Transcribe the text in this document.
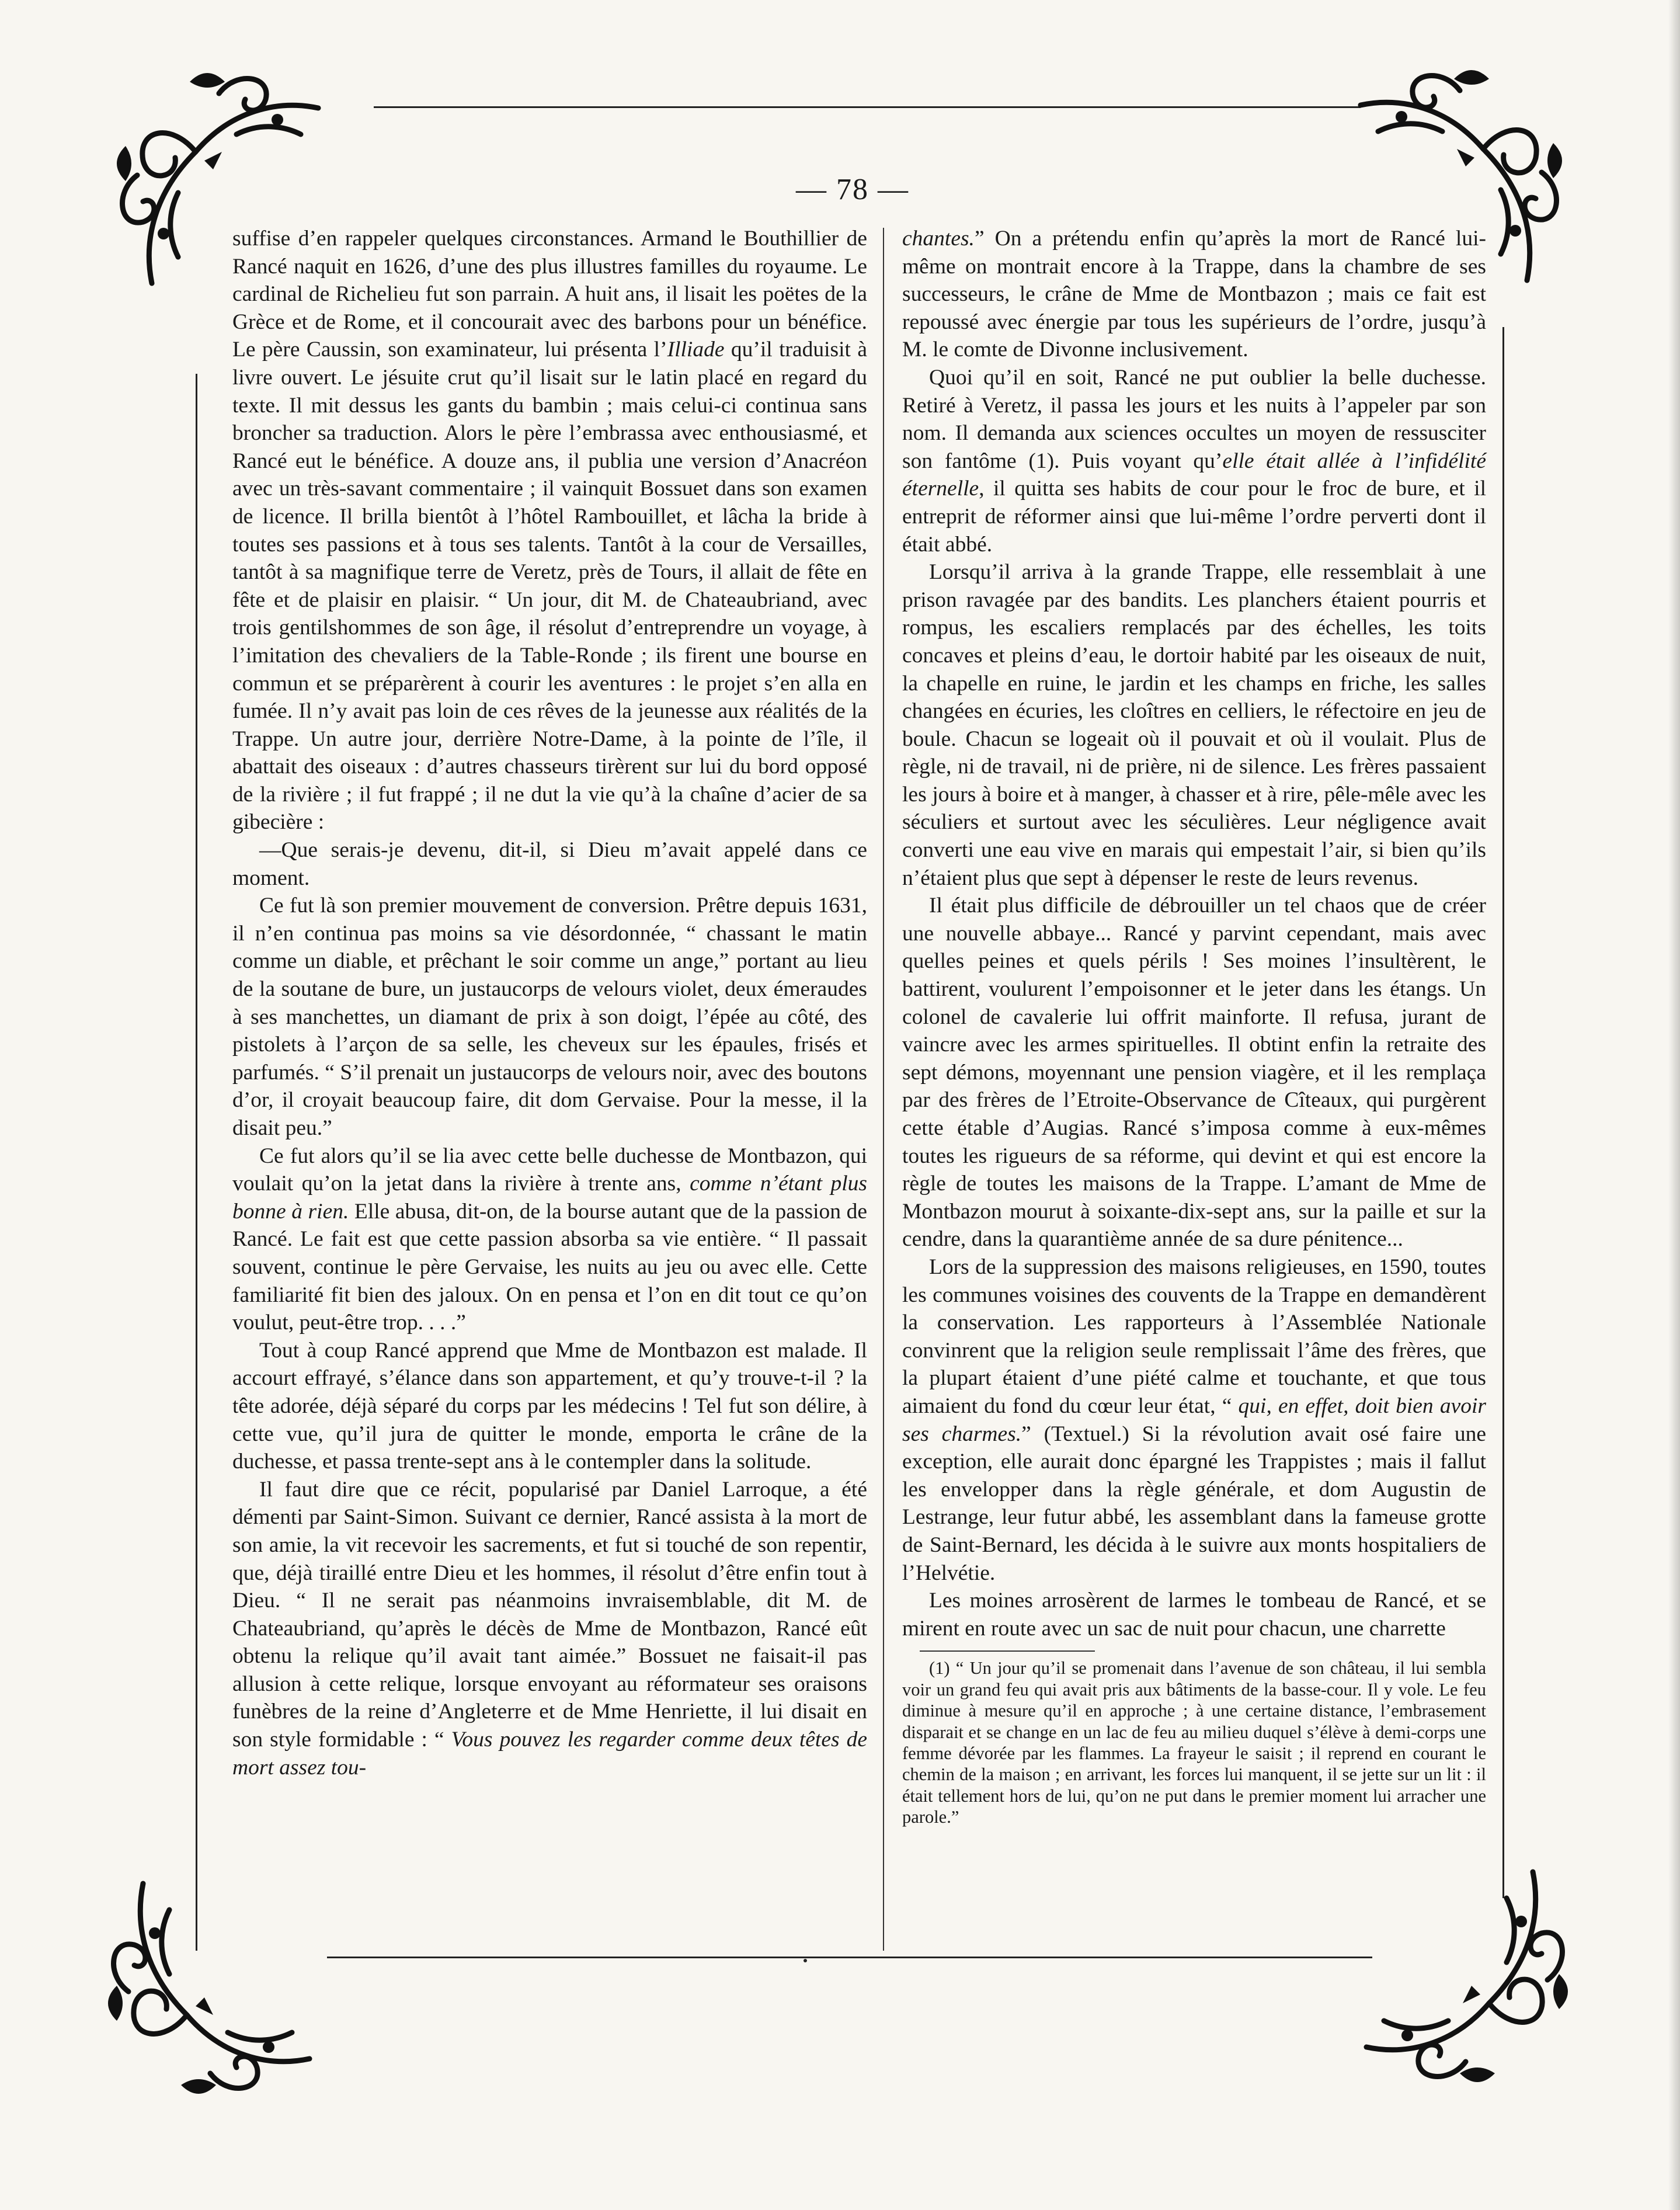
— 78 —

suffise d’en rappeler quelques circonstances. Armand le Bouthillier de Rancé naquit en 1626, d’une des plus illustres familles du royaume. Le cardinal de Richelieu fut son parrain. A huit ans, il lisait les poëtes de la Grèce et de Rome, et il concourait avec des barbons pour un bénéfice. Le père Caussin, son examinateur, lui présenta l’Illiade qu’il traduisit à livre ouvert. Le jésuite crut qu’il lisait sur le latin placé en regard du texte. Il mit dessus les gants du bambin ; mais celui-ci continua sans broncher sa traduction. Alors le père l’embrassa avec enthousiasmé, et Rancé eut le bénéfice. A douze ans, il publia une version d’Anacréon avec un très-savant commentaire ; il vainquit Bossuet dans son examen de licence. Il brilla bientôt à l’hôtel Rambouillet, et lâcha la bride à toutes ses passions et à tous ses talents. Tantôt à la cour de Versailles, tantôt à sa magnifique terre de Veretz, près de Tours, il allait de fête en fête et de plaisir en plaisir. “ Un jour, dit M. de Chateaubriand, avec trois gentilshommes de son âge, il résolut d’entreprendre un voyage, à l’imitation des chevaliers de la Table-Ronde ; ils firent une bourse en commun et se préparèrent à courir les aventures : le projet s’en alla en fumée. Il n’y avait pas loin de ces rêves de la jeunesse aux réalités de la Trappe. Un autre jour, derrière Notre-Dame, à la pointe de l’île, il abattait des oiseaux : d’autres chasseurs tirèrent sur lui du bord opposé de la rivière ; il fut frappé ; il ne dut la vie qu’à la chaîne d’acier de sa gibecière :

—Que serais-je devenu, dit-il, si Dieu m’avait appelé dans ce moment.

Ce fut là son premier mouvement de conversion. Prêtre depuis 1631, il n’en continua pas moins sa vie désordonnée, “ chassant le matin comme un diable, et prêchant le soir comme un ange,” portant au lieu de la soutane de bure, un justaucorps de velours violet, deux émeraudes à ses manchettes, un diamant de prix à son doigt, l’épée au côté, des pistolets à l’arçon de sa selle, les cheveux sur les épaules, frisés et parfumés. “ S’il prenait un justaucorps de velours noir, avec des boutons d’or, il croyait beaucoup faire, dit dom Gervaise. Pour la messe, il la disait peu.”

Ce fut alors qu’il se lia avec cette belle duchesse de Montbazon, qui voulait qu’on la jetat dans la rivière à trente ans, comme n’étant plus bonne à rien. Elle abusa, dit-on, de la bourse autant que de la passion de Rancé. Le fait est que cette passion absorba sa vie entière. “ Il passait souvent, continue le père Gervaise, les nuits au jeu ou avec elle. Cette familiarité fit bien des jaloux. On en pensa et l’on en dit tout ce qu’on voulut, peut-être trop. . . .”

Tout à coup Rancé apprend que Mme de Montbazon est malade. Il accourt effrayé, s’élance dans son appartement, et qu’y trouve-t-il ? la tête adorée, déjà séparé du corps par les médecins ! Tel fut son délire, à cette vue, qu’il jura de quitter le monde, emporta le crâne de la duchesse, et passa trente-sept ans à le contempler dans la solitude.

Il faut dire que ce récit, popularisé par Daniel Larroque, a été démenti par Saint-Simon. Suivant ce dernier, Rancé assista à la mort de son amie, la vit recevoir les sacrements, et fut si touché de son repentir, que, déjà tiraillé entre Dieu et les hommes, il résolut d’être enfin tout à Dieu. “ Il ne serait pas néanmoins invraisemblable, dit M. de Chateaubriand, qu’après le décès de Mme de Montbazon, Rancé eût obtenu la relique qu’il avait tant aimée.” Bossuet ne faisait-il pas allusion à cette relique, lorsque envoyant au réformateur ses oraisons funèbres de la reine d’Angleterre et de Mme Henriette, il lui disait en son style formidable : “ Vous pouvez les regarder comme deux têtes de mort assez tou-

chantes.” On a prétendu enfin qu’après la mort de Rancé lui-même on montrait encore à la Trappe, dans la chambre de ses successeurs, le crâne de Mme de Montbazon ; mais ce fait est repoussé avec énergie par tous les supérieurs de l’ordre, jusqu’à M. le comte de Divonne inclusivement.

Quoi qu’il en soit, Rancé ne put oublier la belle duchesse. Retiré à Veretz, il passa les jours et les nuits à l’appeler par son nom. Il demanda aux sciences occultes un moyen de ressusciter son fantôme (1). Puis voyant qu’elle était allée à l’infidélité éternelle, il quitta ses habits de cour pour le froc de bure, et il entreprit de réformer ainsi que lui-même l’ordre perverti dont il était abbé.

Lorsqu’il arriva à la grande Trappe, elle ressemblait à une prison ravagée par des bandits. Les planchers étaient pourris et rompus, les escaliers remplacés par des échelles, les toits concaves et pleins d’eau, le dortoir habité par les oiseaux de nuit, la chapelle en ruine, le jardin et les champs en friche, les salles changées en écuries, les cloîtres en celliers, le réfectoire en jeu de boule. Chacun se logeait où il pouvait et où il voulait. Plus de règle, ni de travail, ni de prière, ni de silence. Les frères passaient les jours à boire et à manger, à chasser et à rire, pêle-mêle avec les séculiers et surtout avec les séculières. Leur négligence avait converti une eau vive en marais qui empestait l’air, si bien qu’ils n’étaient plus que sept à dépenser le reste de leurs revenus.

Il était plus difficile de débrouiller un tel chaos que de créer une nouvelle abbaye... Rancé y parvint cependant, mais avec quelles peines et quels périls ! Ses moines l’insultèrent, le battirent, voulurent l’empoisonner et le jeter dans les étangs. Un colonel de cavalerie lui offrit mainforte. Il refusa, jurant de vaincre avec les armes spirituelles. Il obtint enfin la retraite des sept démons, moyennant une pension viagère, et il les remplaça par des frères de l’Etroite-Observance de Cîteaux, qui purgèrent cette étable d’Augias. Rancé s’imposa comme à eux-mêmes toutes les rigueurs de sa réforme, qui devint et qui est encore la règle de toutes les maisons de la Trappe. L’amant de Mme de Montbazon mourut à soixante-dix-sept ans, sur la paille et sur la cendre, dans la quarantième année de sa dure pénitence...

Lors de la suppression des maisons religieuses, en 1590, toutes les communes voisines des couvents de la Trappe en demandèrent la conservation. Les rapporteurs à l’Assemblée Nationale convinrent que la religion seule remplissait l’âme des frères, que la plupart étaient d’une piété calme et touchante, et que tous aimaient du fond du cœur leur état, “ qui, en effet, doit bien avoir ses charmes.” (Textuel.) Si la révolution avait osé faire une exception, elle aurait donc épargné les Trappistes ; mais il fallut les envelopper dans la règle générale, et dom Augustin de Lestrange, leur futur abbé, les assemblant dans la fameuse grotte de Saint-Bernard, les décida à le suivre aux monts hospitaliers de l’Helvétie.

Les moines arrosèrent de larmes le tombeau de Rancé, et se mirent en route avec un sac de nuit pour chacun, une charrette

(1) “ Un jour qu’il se promenait dans l’avenue de son château, il lui sembla voir un grand feu qui avait pris aux bâtiments de la basse-cour. Il y vole. Le feu diminue à mesure qu’il en approche ; à une certaine distance, l’embrasement disparait et se change en un lac de feu au milieu duquel s’élève à demi-corps une femme dévorée par les flammes. La frayeur le saisit ; il reprend en courant le chemin de la maison ; en arrivant, les forces lui manquent, il se jette sur un lit : il était tellement hors de lui, qu’on ne put dans le premier moment lui arracher une parole.”
